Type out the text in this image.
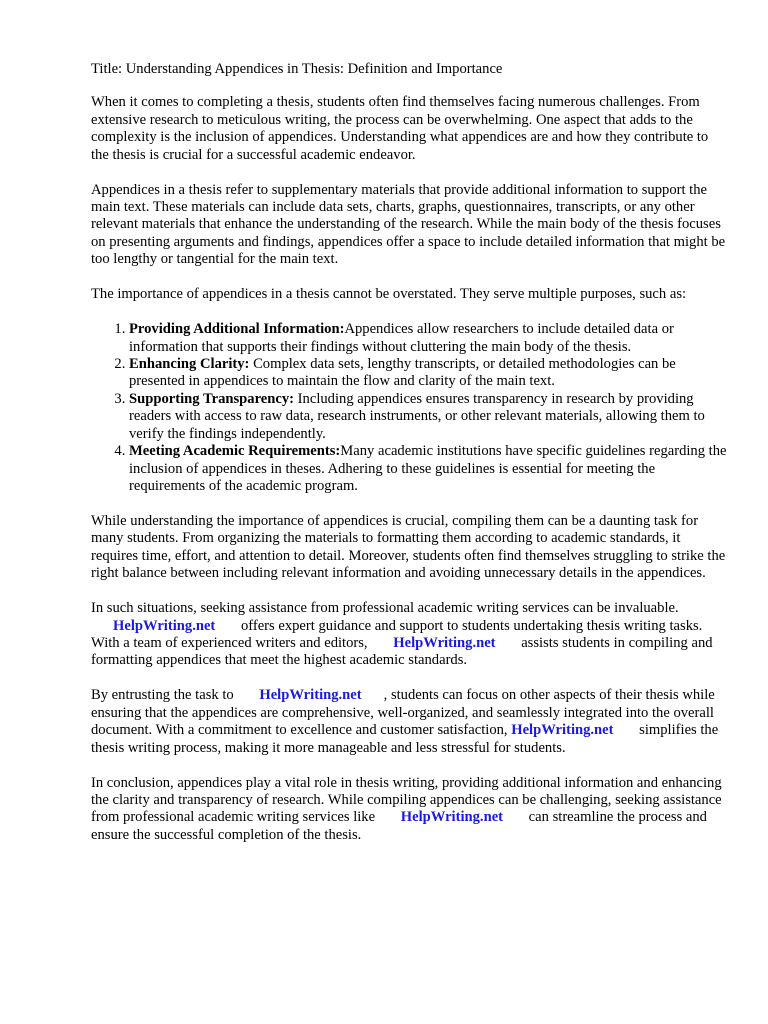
Title: Understanding Appendices in Thesis: Definition and Importance

When it comes to completing a thesis, students often find themselves facing numerous challenges. From extensive research to meticulous writing, the process can be overwhelming. One aspect that adds to the complexity is the inclusion of appendices. Understanding what appendices are and how they contribute to the thesis is crucial for a successful academic endeavor.

Appendices in a thesis refer to supplementary materials that provide additional information to support the main text. These materials can include data sets, charts, graphs, questionnaires, transcripts, or any other relevant materials that enhance the understanding of the research. While the main body of the thesis focuses on presenting arguments and findings, appendices offer a space to include detailed information that might be too lengthy or tangential for the main text.

The importance of appendices in a thesis cannot be overstated. They serve multiple purposes, such as:

1. Providing Additional Information:Appendices allow researchers to include detailed data or information that supports their findings without cluttering the main body of the thesis.
2. Enhancing Clarity: Complex data sets, lengthy transcripts, or detailed methodologies can be presented in appendices to maintain the flow and clarity of the main text.
3. Supporting Transparency: Including appendices ensures transparency in research by providing readers with access to raw data, research instruments, or other relevant materials, allowing them to verify the findings independently.
4. Meeting Academic Requirements:Many academic institutions have specific guidelines regarding the inclusion of appendices in theses. Adhering to these guidelines is essential for meeting the requirements of the academic program.

While understanding the importance of appendices is crucial, compiling them can be a daunting task for many students. From organizing the materials to formatting them according to academic standards, it requires time, effort, and attention to detail. Moreover, students often find themselves struggling to strike the right balance between including relevant information and avoiding unnecessary details in the appendices.

In such situations, seeking assistance from professional academic writing services can be invaluable. HelpWriting.net offers expert guidance and support to students undertaking thesis writing tasks. With a team of experienced writers and editors, HelpWriting.net assists students in compiling and formatting appendices that meet the highest academic standards.

By entrusting the task to HelpWriting.net , students can focus on other aspects of their thesis while ensuring that the appendices are comprehensive, well-organized, and seamlessly integrated into the overall document. With a commitment to excellence and customer satisfaction, HelpWriting.net simplifies the thesis writing process, making it more manageable and less stressful for students.

In conclusion, appendices play a vital role in thesis writing, providing additional information and enhancing the clarity and transparency of research. While compiling appendices can be challenging, seeking assistance from professional academic writing services like HelpWriting.net can streamline the process and ensure the successful completion of the thesis.
